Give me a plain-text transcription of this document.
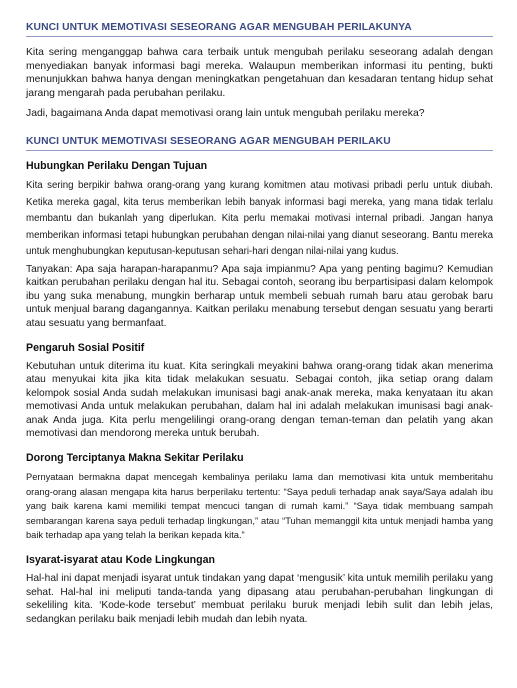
KUNCI UNTUK MEMOTIVASI SESEORANG AGAR MENGUBAH PERILAKUNYA

Kita sering menganggap bahwa cara terbaik untuk mengubah perilaku seseorang adalah dengan menyediakan banyak informasi bagi mereka. Walaupun memberikan informasi itu penting, bukti menunjukkan bahwa hanya dengan meningkatkan pengetahuan dan kesadaran tentang hidup sehat jarang mengarah pada perubahan perilaku.

Jadi, bagaimana Anda dapat memotivasi orang lain untuk mengubah perilaku mereka?

KUNCI UNTUK MEMOTIVASI SESEORANG AGAR MENGUBAH PERILAKU
Hubungkan Perilaku Dengan Tujuan

Kita sering berpikir bahwa orang-orang yang kurang komitmen atau motivasi pribadi perlu untuk diubah. Ketika mereka gagal, kita terus memberikan lebih banyak informasi bagi mereka, yang mana tidak terlalu membantu dan bukanlah yang diperlukan. Kita perlu memakai motivasi internal pribadi. Jangan hanya memberikan informasi tetapi hubungkan perubahan dengan nilai-nilai yang dianut seseorang. Bantu mereka untuk menghubungkan keputusan-keputusan sehari-hari dengan nilai-nilai yang kudus.

Tanyakan: Apa saja harapan-harapanmu? Apa saja impianmu? Apa yang penting bagimu? Kemudian kaitkan perubahan perilaku dengan hal itu. Sebagai contoh, seorang ibu berpartisipasi dalam kelompok ibu yang suka menabung, mungkin berharap untuk membeli sebuah rumah baru atau gerobak baru untuk menjual barang dagangannya. Kaitkan perilaku menabung tersebut dengan sesuatu yang berarti atau sesuatu yang bermanfaat.

Pengaruh Sosial Positif

Kebutuhan untuk diterima itu kuat. Kita seringkali meyakini bahwa orang-orang tidak akan menerima atau menyukai kita jika kita tidak melakukan sesuatu. Sebagai contoh, jika setiap orang dalam kelompok sosial Anda sudah melakukan imunisasi bagi anak-anak mereka, maka kenyataan itu akan memotivasi Anda untuk melakukan perubahan, dalam hal ini adalah melakukan imunisasi bagi anak-anak Anda juga. Kita perlu mengelilingi orang-orang dengan teman-teman dan pelatih yang akan memotivasi dan mendorong mereka untuk berubah.

Dorong Terciptanya Makna Sekitar Perilaku

Pernyataan bermakna dapat mencegah kembalinya perilaku lama dan memotivasi kita untuk memberitahu orang-orang alasan mengapa kita harus berperilaku tertentu: “Saya peduli terhadap anak saya/Saya adalah ibu yang baik karena kami memiliki tempat mencuci tangan di rumah kami.” “Saya tidak membuang sampah sembarangan karena saya peduli terhadap lingkungan,” atau “Tuhan memanggil kita untuk menjadi hamba yang baik terhadap apa yang telah la berikan kepada kita.”

Isyarat-isyarat atau Kode Lingkungan

Hal-hal ini dapat menjadi isyarat untuk tindakan yang dapat ‘mengusik’ kita untuk memilih perilaku yang sehat. Hal-hal ini meliputi tanda-tanda yang dipasang atau perubahan-perubahan lingkungan di sekeliling kita. ‘Kode-kode tersebut’ membuat perilaku buruk menjadi lebih sulit dan lebih jelas, sedangkan perilaku baik menjadi lebih mudah dan lebih nyata.
